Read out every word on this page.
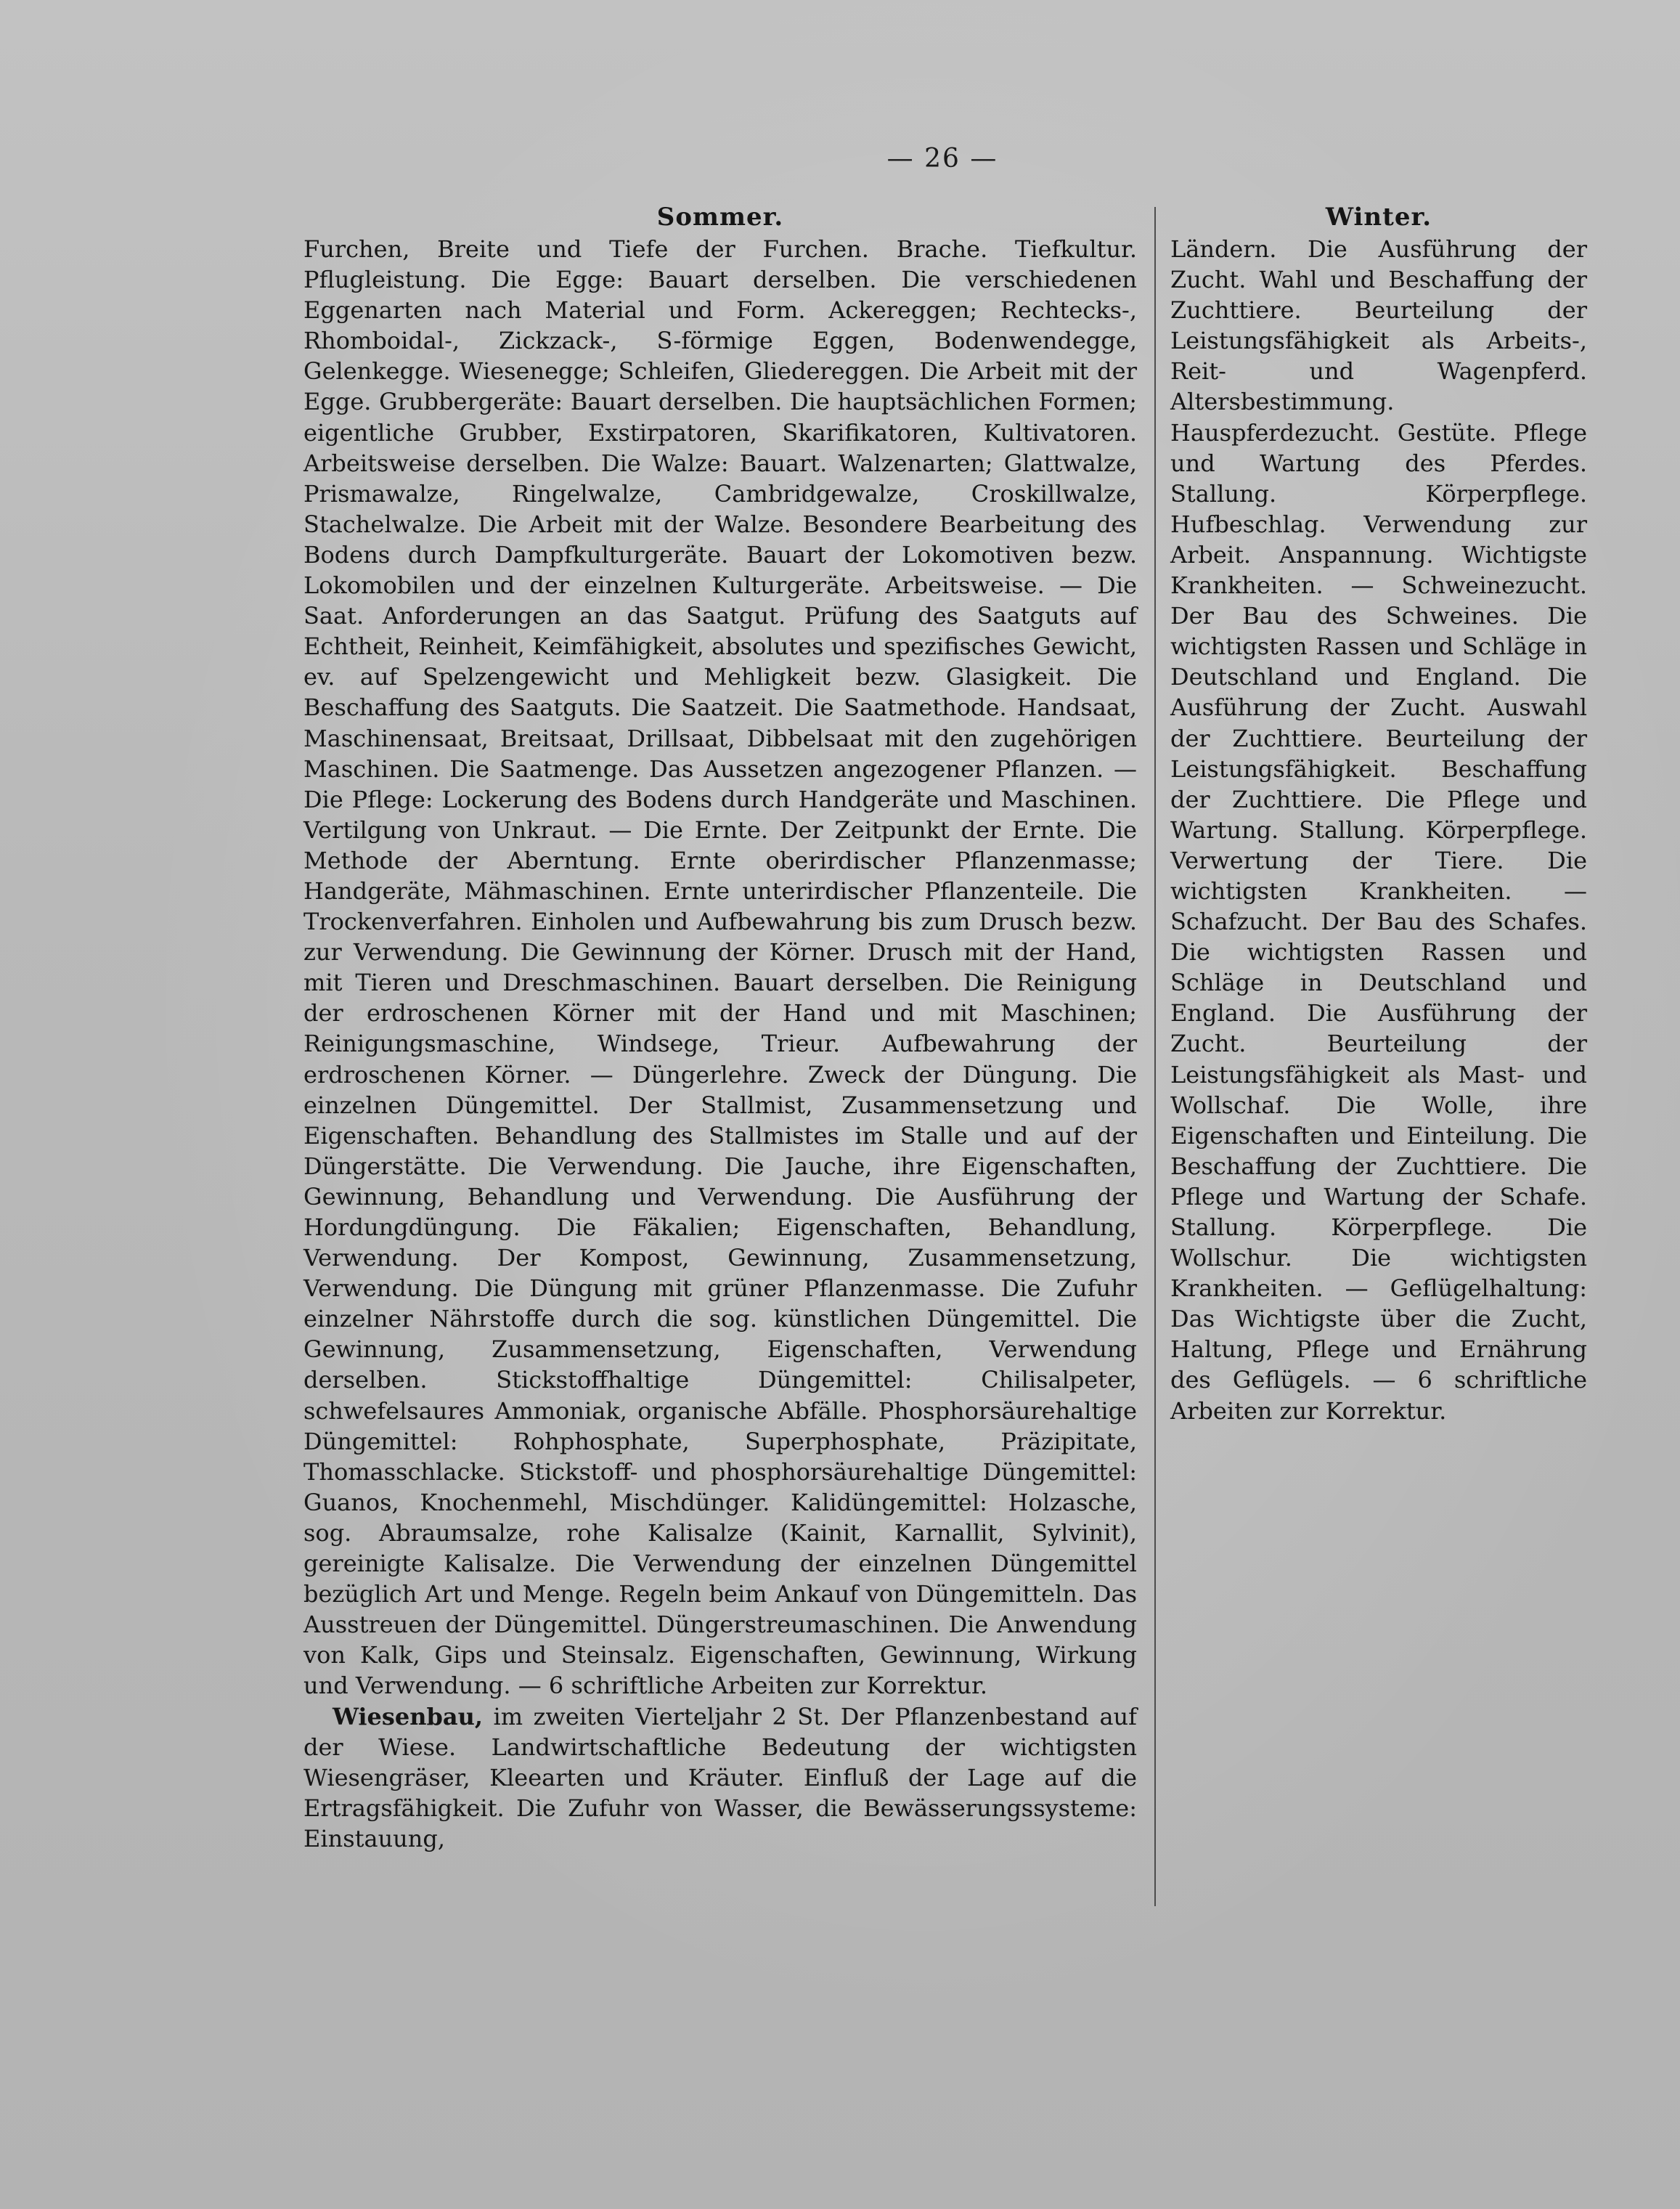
— 26 —
Sommer.

Furchen, Breite und Tiefe der Furchen. Brache. Tiefkultur. Pflugleistung. Die Egge: Bauart derselben. Die verschiedenen Eggenarten nach Material und Form. Ackereggen; Rechtecks-, Rhomboidal-, Zickzack-, S-förmige Eggen, Bodenwendegge, Gelenkegge. Wiesenegge; Schleifen, Gliedereggen. Die Arbeit mit der Egge. Grubbergeräte: Bauart derselben. Die hauptsächlichen Formen; eigentliche Grubber, Exstirpatoren, Skarifikatoren, Kultivatoren. Arbeitsweise derselben. Die Walze: Bauart. Walzenarten; Glattwalze, Prismawalze, Ringelwalze, Cambridgewalze, Croskillwalze, Stachelwalze. Die Arbeit mit der Walze. Besondere Bearbeitung des Bodens durch Dampfkulturgeräte. Bauart der Lokomotiven bezw. Lokomobilen und der einzelnen Kulturgeräte. Arbeitsweise. — Die Saat. Anforderungen an das Saatgut. Prüfung des Saatguts auf Echtheit, Reinheit, Keimfähigkeit, absolutes und spezifisches Gewicht, ev. auf Spelzengewicht und Mehligkeit bezw. Glasigkeit. Die Beschaffung des Saatguts. Die Saatzeit. Die Saatmethode. Handsaat, Maschinensaat, Breitsaat, Drillsaat, Dibbelsaat mit den zugehörigen Maschinen. Die Saatmenge. Das Aussetzen angezogener Pflanzen. — Die Pflege: Lockerung des Bodens durch Handgeräte und Maschinen. Vertilgung von Unkraut. — Die Ernte. Der Zeitpunkt der Ernte. Die Methode der Aberntung. Ernte oberirdischer Pflanzenmasse; Handgeräte, Mähmaschinen. Ernte unterirdischer Pflanzenteile. Die Trockenverfahren. Einholen und Aufbewahrung bis zum Drusch bezw. zur Verwendung. Die Gewinnung der Körner. Drusch mit der Hand, mit Tieren und Dreschmaschinen. Bauart derselben. Die Reinigung der erdroschenen Körner mit der Hand und mit Maschinen; Reinigungsmaschine, Windsege, Trieur. Aufbewahrung der erdroschenen Körner. — Düngerlehre. Zweck der Düngung. Die einzelnen Düngemittel. Der Stallmist, Zusammensetzung und Eigenschaften. Behandlung des Stallmistes im Stalle und auf der Düngerstätte. Die Verwendung. Die Jauche, ihre Eigenschaften, Gewinnung, Behandlung und Verwendung. Die Ausführung der Hordungdüngung. Die Fäkalien; Eigenschaften, Behandlung, Verwendung. Der Kompost, Gewinnung, Zusammensetzung, Verwendung. Die Düngung mit grüner Pflanzenmasse. Die Zufuhr einzelner Nährstoffe durch die sog. künstlichen Düngemittel. Die Gewinnung, Zusammensetzung, Eigenschaften, Verwendung derselben. Stickstoffhaltige Düngemittel: Chilisalpeter, schwefelsaures Ammoniak, organische Abfälle. Phosphorsäurehaltige Düngemittel: Rohphosphate, Superphosphate, Präzipitate, Thomasschlacke. Stickstoff- und phosphorsäurehaltige Düngemittel: Guanos, Knochenmehl, Mischdünger. Kalidüngemittel: Holzasche, sog. Abraumsalze, rohe Kalisalze (Kainit, Karnallit, Sylvinit), gereinigte Kalisalze. Die Verwendung der einzelnen Düngemittel bezüglich Art und Menge. Regeln beim Ankauf von Düngemitteln. Das Ausstreuen der Düngemittel. Düngerstreumaschinen. Die Anwendung von Kalk, Gips und Steinsalz. Eigenschaften, Gewinnung, Wirkung und Verwendung. — 6 schriftliche Arbeiten zur Korrektur.

Wiesenbau, im zweiten Vierteljahr 2 St. Der Pflanzenbestand auf der Wiese. Landwirtschaftliche Bedeutung der wichtigsten Wiesengräser, Kleearten und Kräuter. Einfluß der Lage auf die Ertragsfähigkeit. Die Zufuhr von Wasser, die Bewässerungssysteme: Einstauung,

Winter.

Ländern. Die Ausführung der Zucht. Wahl und Beschaffung der Zuchttiere. Beurteilung der Leistungsfähigkeit als Arbeits-, Reit- und Wagenpferd. Altersbestimmung. Hauspferdezucht. Gestüte. Pflege und Wartung des Pferdes. Stallung. Körperpflege. Hufbeschlag. Verwendung zur Arbeit. Anspannung. Wichtigste Krankheiten. — Schweinezucht. Der Bau des Schweines. Die wichtigsten Rassen und Schläge in Deutschland und England. Die Ausführung der Zucht. Auswahl der Zuchttiere. Beurteilung der Leistungsfähigkeit. Beschaffung der Zuchttiere. Die Pflege und Wartung. Stallung. Körperpflege. Verwertung der Tiere. Die wichtigsten Krankheiten. — Schafzucht. Der Bau des Schafes. Die wichtigsten Rassen und Schläge in Deutschland und England. Die Ausführung der Zucht. Beurteilung der Leistungsfähigkeit als Mast- und Wollschaf. Die Wolle, ihre Eigenschaften und Einteilung. Die Beschaffung der Zuchttiere. Die Pflege und Wartung der Schafe. Stallung. Körperpflege. Die Wollschur. Die wichtigsten Krankheiten. — Geflügelhaltung: Das Wichtigste über die Zucht, Haltung, Pflege und Ernährung des Geflügels. — 6 schriftliche Arbeiten zur Korrektur.
